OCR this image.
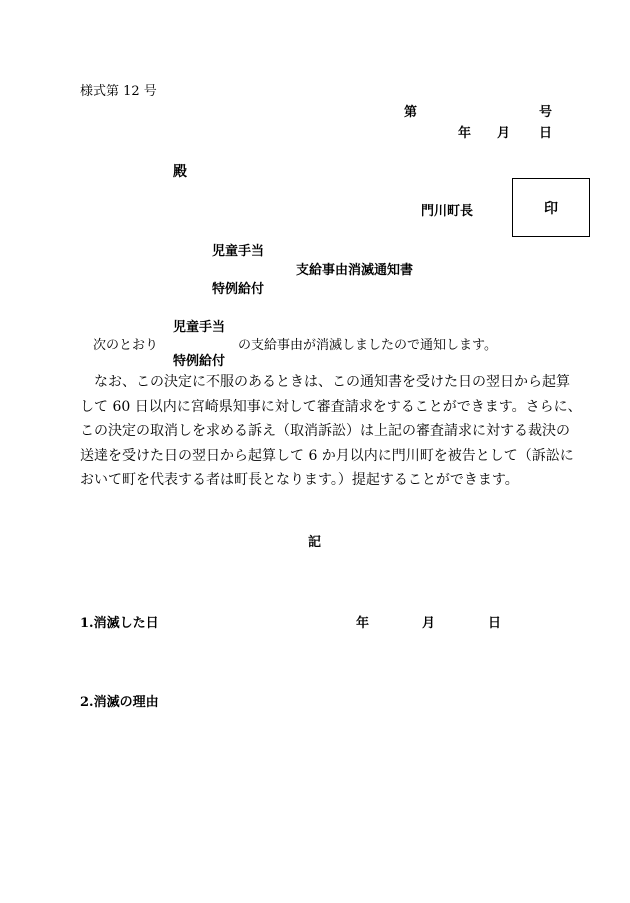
様式第 12 号
第	号
年 月 日
殿
門川町長	印
児童手当
支給事由消滅通知書
特例給付
児童手当
次のとおり	の支給事由が消滅しましたので通知します。
特例給付
なお、この決定に不服のあるときは、この通知書を受けた日の翌日から起算
して 60 日以内に宮崎県知事に対して審査請求をすることができます。さらに、
この決定の取消しを求める訴え（取消訴訟）は上記の審査請求に対する裁決の
送達を受けた日の翌日から起算して 6 か月以内に門川町を被告として（訴訟に
おいて町を代表する者は町長となります。）提起することができます。
記
1.消滅した日	年	月	日
2.消滅の理由
